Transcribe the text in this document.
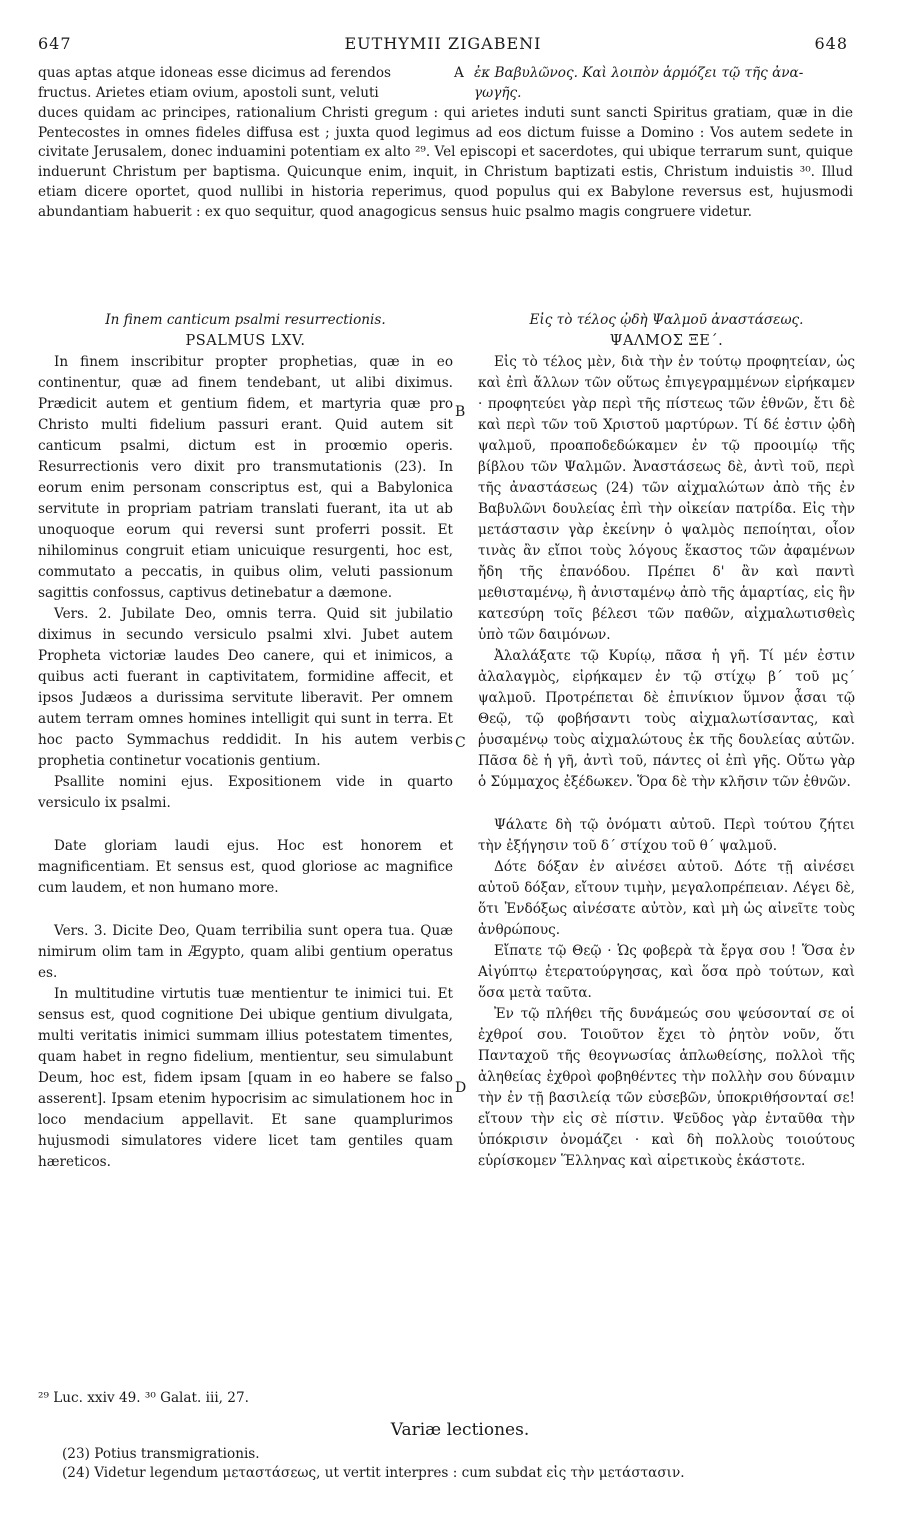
647	EUTHYMII ZIGABENI	648
quas aptas atque idoneas esse dicimus ad ferendos	A ἐκ Βαβυλῶνος. Καὶ λοιπὸν ἁρμόζει τῷ τῆς ἀνα-
fructus. Arietes etiam ovium, apostoli sunt, veluti	γωγῆς.
duces quidam ac principes, rationalium Christi gregum : qui arietes induti sunt sancti Spiritus gratiam, quæ in die Pentecostes in omnes fideles diffusa est ; juxta quod legimus ad eos dictum fuisse a Domino : Vos autem sedete in civitate Jerusalem, donec induamini potentiam ex alto ²⁹. Vel episcopi et sacerdotes, qui ubique terrarum sunt, quique induerunt Christum per baptisma. Quicunque enim, inquit, in Christum baptizati estis, Christum induistis ³⁰. Illud etiam dicere oportet, quod nullibi in historia reperimus, quod populus qui ex Babylone reversus est, hujusmodi abundantiam habuerit : ex quo sequitur, quod anagogicus sensus huic psalmo magis congruere videtur.

In finem canticum psalmi resurrectionis.

PSALMUS LXV.

In finem inscribitur propter prophetias, quæ in eo continentur, quæ ad finem tendebant, ut alibi diximus. Prædicit autem et gentium fidem, et martyria quæ pro Christo multi fidelium passuri erant. Quid autem sit canticum psalmi, dictum est in proœmio operis. Resurrectionis vero dixit pro transmutationis (23). In eorum enim personam conscriptus est, qui a Babylonica servitute in propriam patriam translati fuerant, ita ut ab unoquoque eorum qui reversi sunt proferri possit. Et nihilominus congruit etiam unicuique resurgenti, hoc est, commutato a peccatis, in quibus olim, veluti passionum sagittis confossus, captivus detinebatur a dæmone.

Vers. 2. Jubilate Deo, omnis terra. Quid sit jubilatio diximus in secundo versiculo psalmi xlvi. Jubet autem Propheta victoriæ laudes Deo canere, qui et inimicos, a quibus acti fuerant in captivitatem, formidine affecit, et ipsos Judæos a durissima servitute liberavit. Per omnem autem terram omnes homines intelligit qui sunt in terra. Et hoc pacto Symmachus reddidit. In his autem verbis prophetia continetur vocationis gentium.

Psallite nomini ejus. Expositionem vide in quarto versiculo ix psalmi.

Date gloriam laudi ejus. Hoc est honorem et magnificentiam. Et sensus est, quod gloriose ac magnifice cum laudem, et non humano more.

Vers. 3. Dicite Deo, Quam terribilia sunt opera tua. Quæ nimirum olim tam in Ægypto, quam alibi gentium operatus es.

In multitudine virtutis tuæ mentientur te inimici tui. Et sensus est, quod cognitione Dei ubique gentium divulgata, multi veritatis inimici summam illius potestatem timentes, quam habet in regno fidelium, mentientur, seu simulabunt Deum, hoc est, fidem ipsam [quam in eo habere se falso asserent]. Ipsam etenim hypocrisim ac simulationem hoc in loco mendacium appellavit. Et sane quamplurimos hujusmodi simulatores videre licet tam gentiles quam hæreticos.

Εἰς τὸ τέλος ᾠδὴ Ψαλμοῦ ἀναστάσεως.

ΨΑΛΜΟΣ ΞΕ΄.

Εἰς τὸ τέλος μὲν, διὰ τὴν ἐν τούτῳ προφητείαν, ὡς καὶ ἐπὶ ἄλλων τῶν οὕτως ἐπιγεγραμμένων εἰρήκαμεν · προφητεύει γὰρ περὶ τῆς πίστεως τῶν ἐθνῶν, ἔτι δὲ καὶ περὶ τῶν τοῦ Χριστοῦ μαρτύρων. Τί δέ ἐστιν ᾠδὴ ψαλμοῦ, προαποδεδώκαμεν ἐν τῷ προοιμίῳ τῆς βίβλου τῶν Ψαλμῶν. Ἀναστάσεως δὲ, ἀντὶ τοῦ, περὶ τῆς ἀναστάσεως (24) τῶν αἰχμαλώτων ἀπὸ τῆς ἐν Βαβυλῶνι δουλείας ἐπὶ τὴν οἰκείαν πατρίδα. Εἰς τὴν μετάστασιν γὰρ ἐκείνην ὁ ψαλμὸς πεποίηται, οἷον τινὰς ἂν εἴποι τοὺς λόγους ἕκαστος τῶν ἀφαμένων ἤδη τῆς ἐπανόδου. Πρέπει δ' ἂν καὶ παντὶ μεθισταμένῳ, ἢ ἀνισταμένῳ ἀπὸ τῆς ἁμαρτίας, εἰς ἣν κατεσύρη τοῖς βέλεσι τῶν παθῶν, αἰχμαλωτισθεὶς ὑπὸ τῶν δαιμόνων.

Ἀλαλάξατε τῷ Κυρίῳ, πᾶσα ἡ γῆ. Τί μέν ἐστιν ἀλαλαγμὸς, εἰρήκαμεν ἐν τῷ στίχῳ β΄ τοῦ μς΄ ψαλμοῦ. Προτρέπεται δὲ ἐπινίκιον ὕμνον ᾆσαι τῷ Θεῷ, τῷ φοβήσαντι τοὺς αἰχμαλωτίσαντας, καὶ ῥυσαμένῳ τοὺς αἰχμαλώτους ἐκ τῆς δουλείας αὐτῶν. Πᾶσα δὲ ἡ γῆ, ἀντὶ τοῦ, πάντες οἱ ἐπὶ γῆς. Οὕτω γὰρ ὁ Σύμμαχος ἐξέδωκεν. Ὅρα δὲ τὴν κλῆσιν τῶν ἐθνῶν.

Ψάλατε δὴ τῷ ὀνόματι αὐτοῦ. Περὶ τούτου ζήτει τὴν ἐξήγησιν τοῦ δ΄ στίχου τοῦ θ΄ ψαλμοῦ.

Δότε δόξαν ἐν αἰνέσει αὐτοῦ. Δότε τῇ αἰνέσει αὐτοῦ δόξαν, εἴτουν τιμὴν, μεγαλοπρέπειαν. Λέγει δὲ, ὅτι Ἐνδόξως αἰνέσατε αὐτὸν, καὶ μὴ ὡς αἰνεῖτε τοὺς ἀνθρώπους.

Εἴπατε τῷ Θεῷ · Ὡς φοβερὰ τὰ ἔργα σου ! Ὅσα ἐν Αἰγύπτῳ ἐτερατούργησας, καὶ ὅσα πρὸ τούτων, καὶ ὅσα μετὰ ταῦτα.

Ἐν τῷ πλήθει τῆς δυνάμεώς σου ψεύσονταί σε οἱ ἐχθροί σου. Τοιοῦτον ἔχει τὸ ῥητὸν νοῦν, ὅτι Πανταχοῦ τῆς θεογνωσίας ἁπλωθείσης, πολλοὶ τῆς ἀληθείας ἐχθροὶ φοβηθέντες τὴν πολλὴν σου δύναμιν τὴν ἐν τῇ βασιλείᾳ τῶν εὐσεβῶν, ὑποκριθήσονταί σε! εἴτουν τὴν εἰς σὲ πίστιν. Ψεῦδος γὰρ ἐνταῦθα τὴν ὑπόκρισιν ὀνομάζει · καὶ δὴ πολλοὺς τοιούτους εὑρίσκομεν Ἕλληνας καὶ αἱρετικοὺς ἑκάστοτε.

B
C
D
²⁹ Luc. xxiv 49. ³⁰ Galat. iii, 27.
Variæ lectiones.
(23) Potius transmigrationis.
(24) Videtur legendum μεταστάσεως, ut vertit interpres : cum subdat εἰς τὴν μετάστασιν.
